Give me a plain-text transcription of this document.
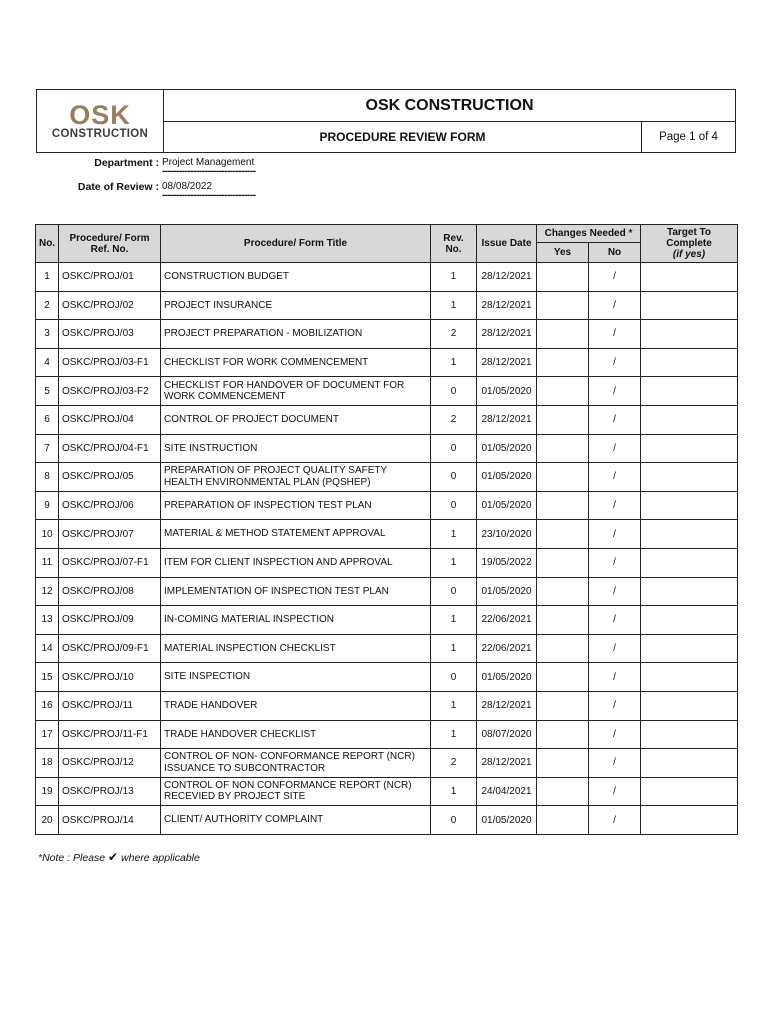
OSK
CONSTRUCTION
OSK CONSTRUCTION
PROCEDURE REVIEW FORM	Page 1 of 4
Department : Project Management
---------------------------------
Date of Review : 08/08/2022
---------------------------------
No.	Procedure/ Form Ref. No.	Procedure/ Form Title	Rev. No.	Issue Date	Changes Needed *		Target To Complete
(if yes)

					Yes	No	
1	OSKC/PROJ/01	CONSTRUCTION BUDGET	1	28/12/2021		/	
2	OSKC/PROJ/02	PROJECT INSURANCE	1	28/12/2021		/	
3	OSKC/PROJ/03	PROJECT PREPARATION - MOBILIZATION	2	28/12/2021		/	
4	OSKC/PROJ/03-F1	CHECKLIST FOR WORK COMMENCEMENT	1	28/12/2021		/	
5	OSKC/PROJ/03-F2	CHECKLIST FOR HANDOVER OF DOCUMENT FOR WORK COMMENCEMENT	0	01/05/2020		/	
6	OSKC/PROJ/04	CONTROL OF PROJECT DOCUMENT	2	28/12/2021		/	
7	OSKC/PROJ/04-F1	SITE INSTRUCTION	0	01/05/2020		/	
8	OSKC/PROJ/05	PREPARATION OF PROJECT QUALITY SAFETY HEALTH ENVIRONMENTAL PLAN (PQSHEP)	0	01/05/2020		/	
9	OSKC/PROJ/06	PREPARATION OF INSPECTION TEST PLAN	0	01/05/2020		/	
10	OSKC/PROJ/07	MATERIAL & METHOD STATEMENT APPROVAL	1	23/10/2020		/	
11	OSKC/PROJ/07-F1	ITEM FOR CLIENT INSPECTION AND APPROVAL	1	19/05/2022		/	
12	OSKC/PROJ/08	IMPLEMENTATION OF INSPECTION TEST PLAN	0	01/05/2020		/	
13	OSKC/PROJ/09	IN-COMING MATERIAL INSPECTION	1	22/06/2021		/	
14	OSKC/PROJ/09-F1	MATERIAL INSPECTION CHECKLIST	1	22/06/2021		/	
15	OSKC/PROJ/10	SITE INSPECTION	0	01/05/2020		/	
16	OSKC/PROJ/11	TRADE HANDOVER	1	28/12/2021		/	
17	OSKC/PROJ/11-F1	TRADE HANDOVER CHECKLIST	1	08/07/2020		/	
18	OSKC/PROJ/12	CONTROL OF NON- CONFORMANCE REPORT (NCR) ISSUANCE TO SUBCONTRACTOR	2	28/12/2021		/	
19	OSKC/PROJ/13	CONTROL OF NON CONFORMANCE REPORT (NCR) RECEVIED BY PROJECT SITE	1	24/04/2021		/	
20	OSKC/PROJ/14	CLIENT/ AUTHORITY COMPLAINT	0	01/05/2020		/	
*Note : Please ✔ where applicable
